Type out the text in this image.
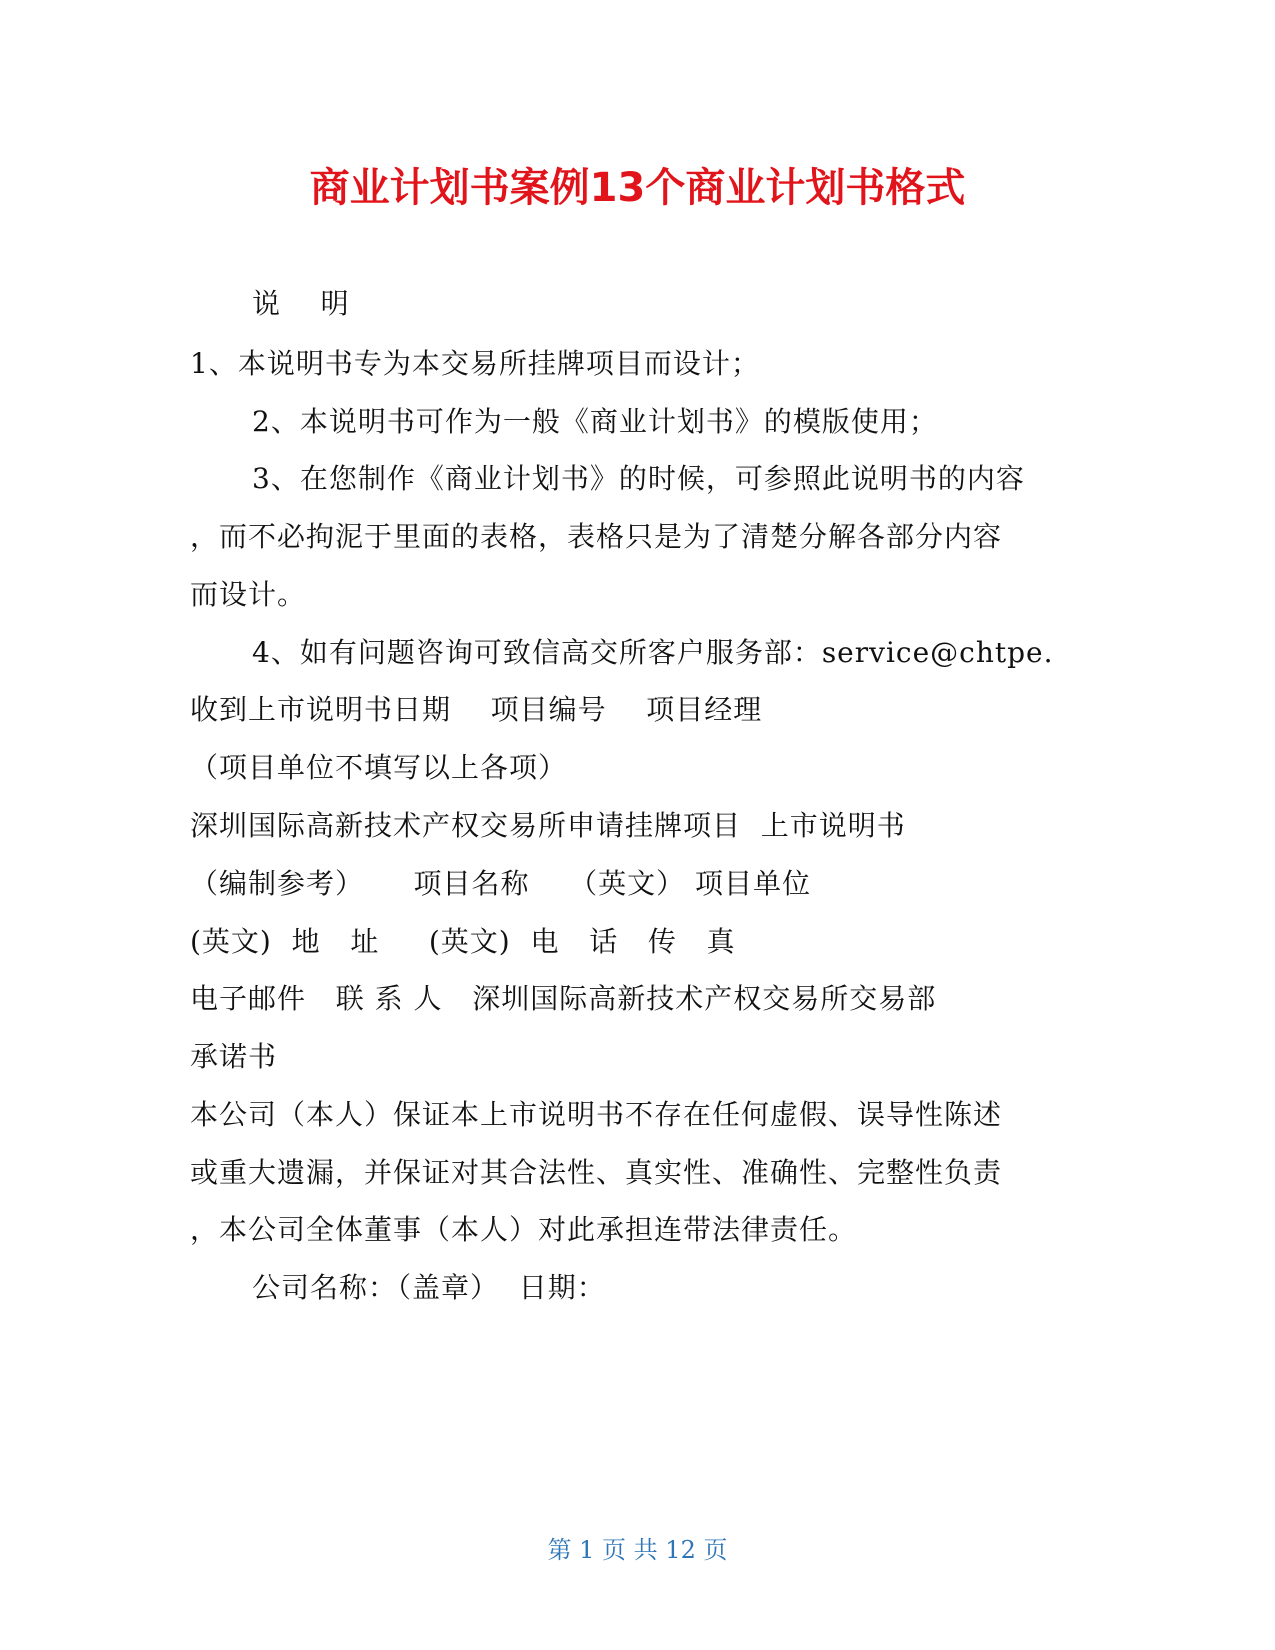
商业计划书案例13个商业计划书格式
说    明
1、本说明书专为本交易所挂牌项目而设计；
2、本说明书可作为一般《商业计划书》的模版使用；
3、在您制作《商业计划书》的时候，可参照此说明书的内容
，而不必拘泥于里面的表格，表格只是为了清楚分解各部分内容
而设计。
4、如有问题咨询可致信高交所客户服务部：service@chtpe.
收到上市说明书日期    项目编号    项目经理
（项目单位不填写以上各项）
深圳国际高新技术产权交易所申请挂牌项目  上市说明书
（编制参考）     项目名称    （英文） 项目单位
(英文)  地   址     (英文)  电   话   传   真
电子邮件   联 系 人   深圳国际高新技术产权交易所交易部
承诺书
本公司（本人）保证本上市说明书不存在任何虚假、误导性陈述
或重大遗漏，并保证对其合法性、真实性、准确性、完整性负责
，本公司全体董事（本人）对此承担连带法律责任。
公司名称：（盖章）  日期：
第 1 页 共 12 页
